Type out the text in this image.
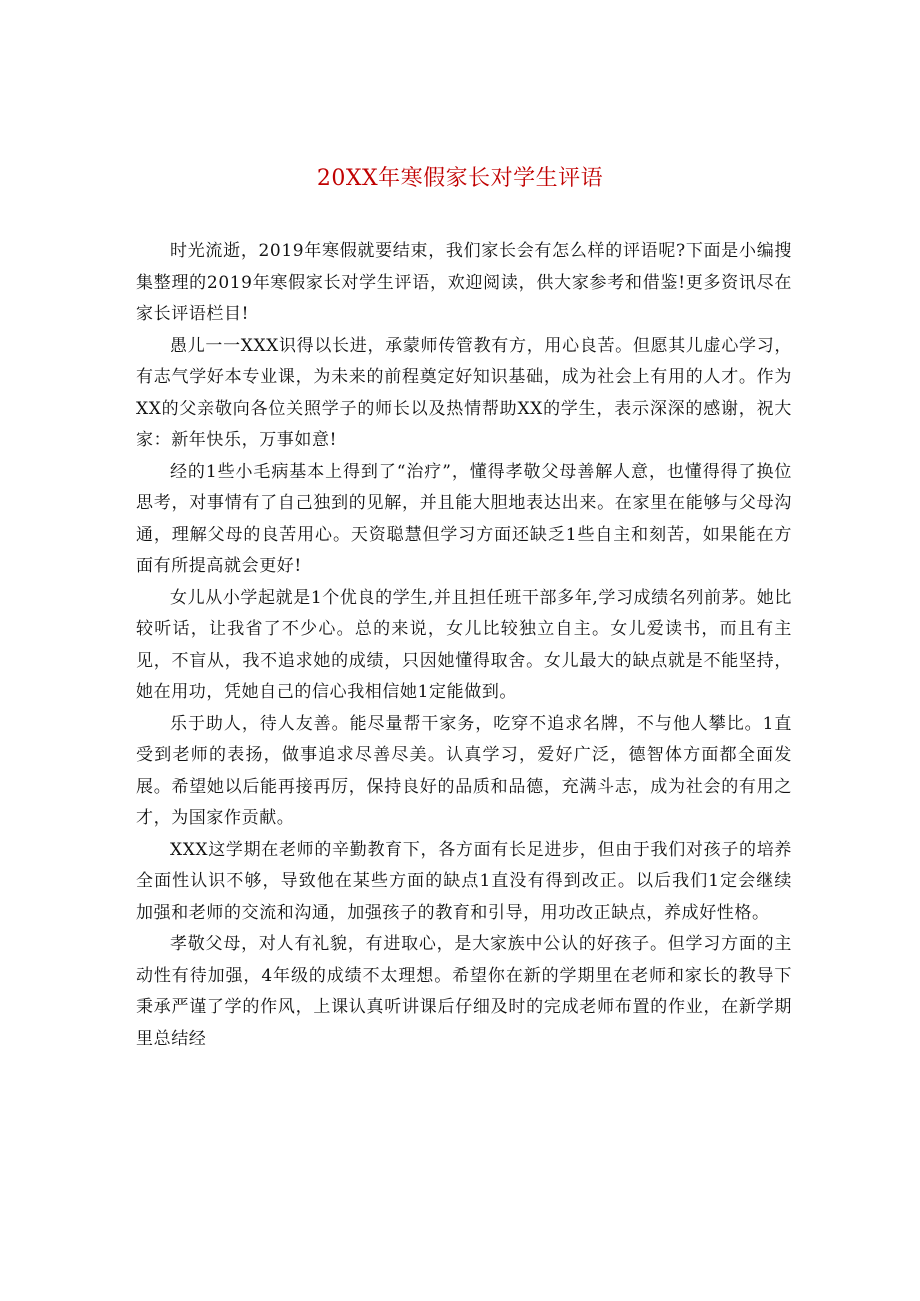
20XX年寒假家长对学生评语

时光流逝，2019年寒假就要结束，我们家长会有怎么样的评语呢?下面是小编搜集整理的2019年寒假家长对学生评语，欢迎阅读，供大家参考和借鉴!更多资讯尽在家长评语栏目!

愚儿一一XXX识得以长进，承蒙师传管教有方，用心良苦。但愿其儿虚心学习，有志气学好本专业课，为未来的前程奠定好知识基础，成为社会上有用的人才。作为XX的父亲敬向各位关照学子的师长以及热情帮助XX的学生，表示深深的感谢，祝大家：新年快乐，万事如意!

经的1些小毛病基本上得到了“治疗”，懂得孝敬父母善解人意，也懂得得了换位思考，对事情有了自己独到的见解，并且能大胆地表达出来。在家里在能够与父母沟通，理解父母的良苦用心。天资聪慧但学习方面还缺乏1些自主和刻苦，如果能在方面有所提高就会更好!

女儿从小学起就是1个优良的学生,并且担任班干部多年,学习成绩名列前茅。她比较听话，让我省了不少心。总的来说，女儿比较独立自主。女儿爱读书，而且有主见，不盲从，我不追求她的成绩，只因她懂得取舍。女儿最大的缺点就是不能坚持，她在用功，凭她自己的信心我相信她1定能做到。

乐于助人，待人友善。能尽量帮干家务，吃穿不追求名牌，不与他人攀比。1直受到老师的表扬，做事追求尽善尽美。认真学习，爱好广泛，德智体方面都全面发展。希望她以后能再接再厉，保持良好的品质和品德，充满斗志，成为社会的有用之才，为国家作贡献。

XXX这学期在老师的辛勤教育下，各方面有长足进步，但由于我们对孩子的培养全面性认识不够，导致他在某些方面的缺点1直没有得到改正。以后我们1定会继续加强和老师的交流和沟通，加强孩子的教育和引导，用功改正缺点，养成好性格。

孝敬父母，对人有礼貌，有进取心，是大家族中公认的好孩子。但学习方面的主动性有待加强，4年级的成绩不太理想。希望你在新的学期里在老师和家长的教导下秉承严谨了学的作风，上课认真听讲课后仔细及时的完成老师布置的作业，在新学期里总结经
